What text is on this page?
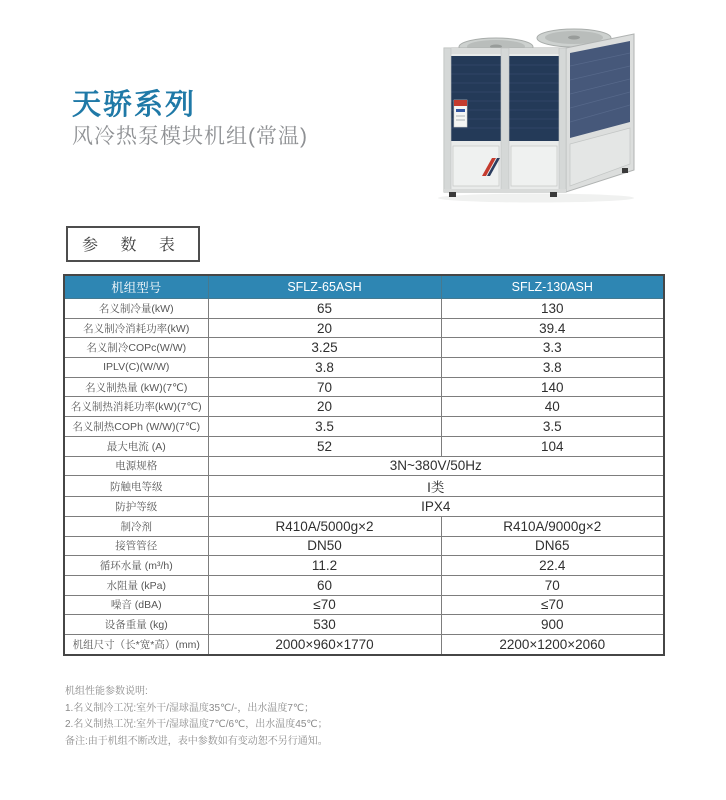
天骄系列
风冷热泵模块机组(常温)
参 数 表
机组型号	SFLZ-65ASH	SFLZ-130ASH
名义制冷量(kW)	65	130
名义制冷消耗功率(kW)	20	39.4
名义制冷COPc(W/W)	3.25	3.3
IPLV(C)(W/W)	3.8	3.8
名义制热量 (kW)(7℃)	70	140
名义制热消耗功率(kW)(7℃)	20	40
名义制热COPh (W/W)(7℃)	3.5	3.5
最大电流 (A)	52	104
电源规格	3N~380V/50Hz	
防触电等级	I类	
防护等级	IPX4	
制冷剂	R410A/5000g×2	R410A/9000g×2
接管管径	DN50	DN65
循环水量 (m³/h)	11.2	22.4
水阻量 (kPa)	60	70
噪音 (dBA)	≤70	≤70
设备重量 (kg)	530	900
机组尺寸（长*宽*高）(mm)	2000×960×1770	2200×1200×2060
机组性能参数说明:
1.名义制冷工况:室外干/湿球温度35℃/-，出水温度7℃；
2.名义制热工况:室外干/湿球温度7℃/6℃，出水温度45℃；
备注:由于机组不断改进，表中参数如有变动恕不另行通知。
